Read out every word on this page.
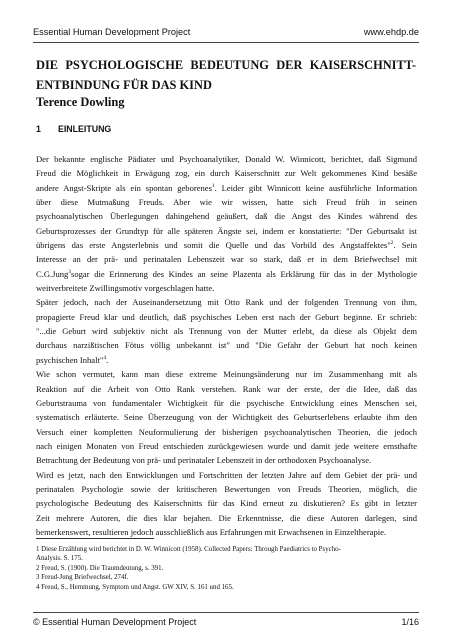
Essential Human Development Project	www.ehdp.de
DIE PSYCHOLOGISCHE BEDEUTUNG DER KAISERSCHNITT-
ENTBINDUNG FÜR DAS KIND
Terence Dowling
1 EINLEITUNG
Der bekannte englische Pädiater und Psychoanalytiker, Donald W. Winnicott, berichtet, daß Sigmund
Freud die Möglichkeit in Erwägung zog, ein durch Kaiserschnitt zur Welt gekommenes Kind besäße
andere Angst-Skripte als ein spontan geborenes$^1$. Leider gibt Winnicott keine ausführliche Information
über diese Mutmaßung Freuds. Aber wie wir wissen, hatte sich Freud früh in seinen
psychoanalytischen Überlegungen dahingehend geäußert, daß die Angst des Kindes während des
Geburtsprozesses der Grundtyp für alle späteren Ängste sei, indem er konstatierte: "Der Geburtsakt ist
übrigens das erste Angsterlebnis und somit die Quelle und das Vorbild des Angstaffektes"$^2$. Sein
Interesse an der prä- und perinatalen Lebenszeit war so stark, daß er in dem Briefwechsel mit
C.G.Jung$^3$sogar die Erinnerung des Kindes an seine Plazenta als Erklärung für das in der Mythologie
weitverbreitete Zwillingsmotiv vorgeschlagen hatte.
Später jedoch, nach der Auseinandersetzung mit Otto Rank und der folgenden Trennung von ihm,
propagierte Freud klar und deutlich, daß psychisches Leben erst nach der Geburt beginne. Er schrieb:
"...die Geburt wird subjektiv nicht als Trennung von der Mutter erlebt, da diese als Objekt dem
durchaus narzißtischen Fötus völlig unbekannt ist" und "Die Gefahr der Geburt hat noch keinen
psychischen Inhalt"$^4$.
Wie schon vermutet, kann man diese extreme Meinungsänderung nur im Zusammenhang mit als
Reaktion auf die Arbeit von Otto Rank verstehen. Rank war der erste, der die Idee, daß das
Geburtstrauma von fundamentaler Wichtigkeit für die psychische Entwicklung eines Menschen sei,
systematisch erläuterte. Seine Überzeugung von der Wichtigkeit des Geburtserlebens erlaubte ihm den
Versuch einer kompletten Neuformulierung der bisherigen psychoanalytischen Theorien, die jedoch
nach einigen Monaten von Freud entschieden zurückgewiesen wurde und damit jede weitere ernsthafte
Betrachtung der Bedeutung von prä- und perinataler Lebenszeit in der orthodoxen Psychoanalyse.
Wird es jetzt, nach den Entwicklungen und Fortschritten der letzten Jahre auf dem Gebiet der prä- und
perinatalen Psychologie sowie der kritischeren Bewertungen von Freuds Theorien, möglich, die
psychologische Bedeutung des Kaiserschnitts für das Kind erneut zu diskutieren? Es gibt in letzter
Zeit mehrere Autoren, die dies klar bejahen. Die Erkenntnisse, die diese Autoren darlegen, sind
bemerkenswert, resultieren jedoch ausschließlich aus Erfahrungen mit Erwachsenen in Einzeltherapie.
1 Diese Erzählung wird berichtet in D. W. Winnicott (1958). Collected Papers: Through Paediatrics to Psycho-
Analysis. S. 175.
2 Freud, S. (1900). Die Traumdeutung, s. 391.
3 Freud-Jung Briefwechsel, 274f.
4 Freud, S., Hemmung, Symptom und Angst. GW XIV, S. 161 und 165.
© Essential Human Development Project	1/16
